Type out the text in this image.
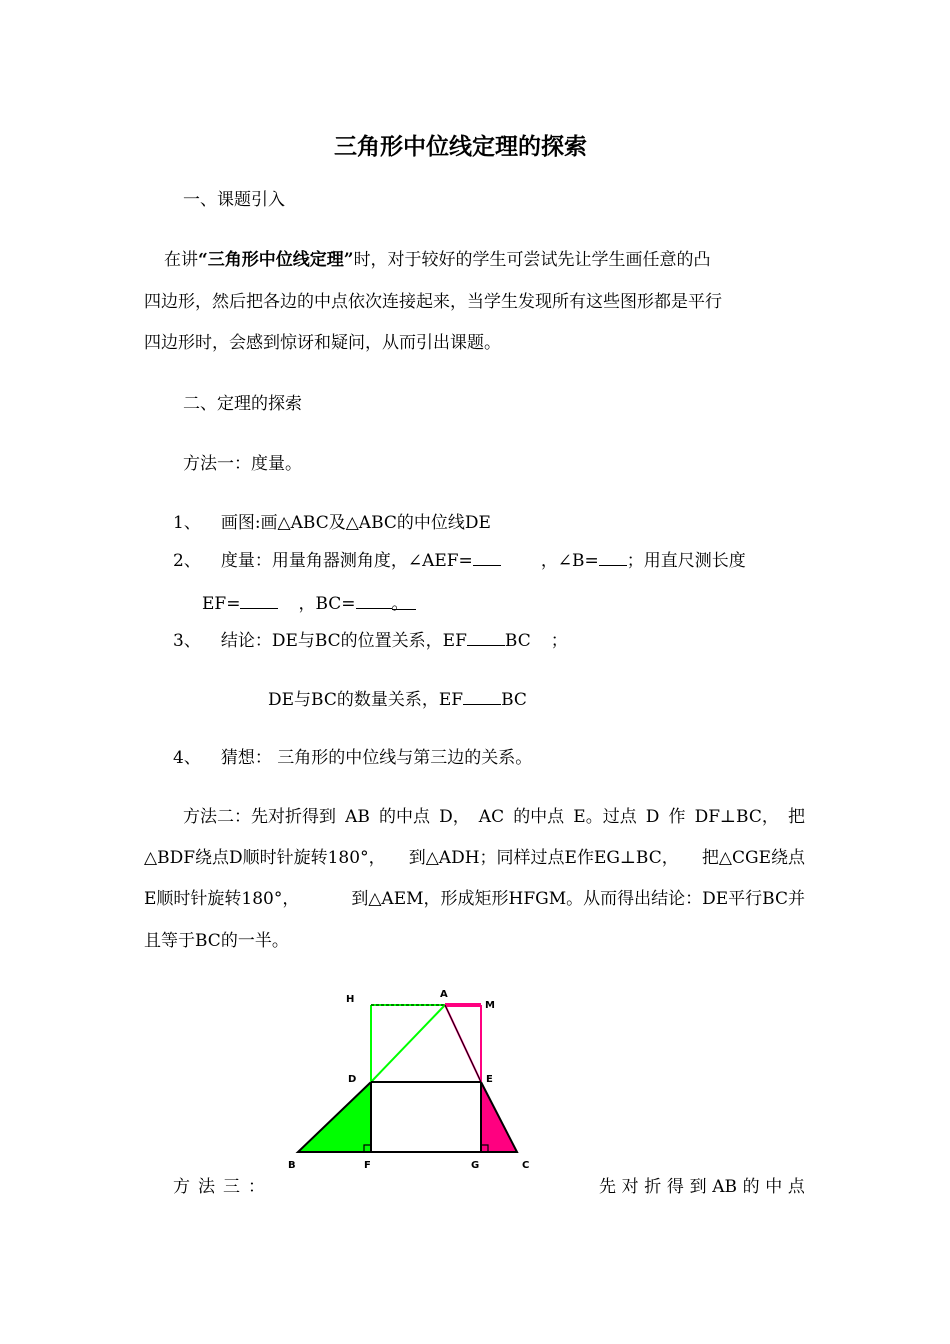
三角形中位线定理的探索
一、课题引入
在讲“三角形中位线定理”时，对于较好的学生可尝试先让学生画任意的凸
四边形，然后把各边的中点依次连接起来，当学生发现所有这些图形都是平行
四边形时，会感到惊讶和疑问，从而引出课题。
二、定理的探索
方法一：度量。
1、 画图:画△ABC及△ABC的中位线DE
2、 度量：用量角器测角度，∠AEF=	，∠B= ；用直尺测长度
EF=	，BC= 。
3、 结论：DE与BC的位置关系，EF BC ；
DE与BC的数量关系，EF BC
4、 猜想： 三角形的中位线与第三边的关系。
方法二：先对折得到 AB 的中点 D， AC 的中点 E。过点 D 作 DF⊥BC， 把
△BDF绕点D顺时针旋转180°， 到△ADH；同样过点E作EG⊥BC， 把△CGE绕点
E顺时针旋转180°，	到△AEM，形成矩形HFGM。从而得出结论：DE平行BC并
且等于BC的一半。
H	A
M
D	E
B	F	G	C
方 法 三 ：	先 对 折 得 到 AB 的 中 点
